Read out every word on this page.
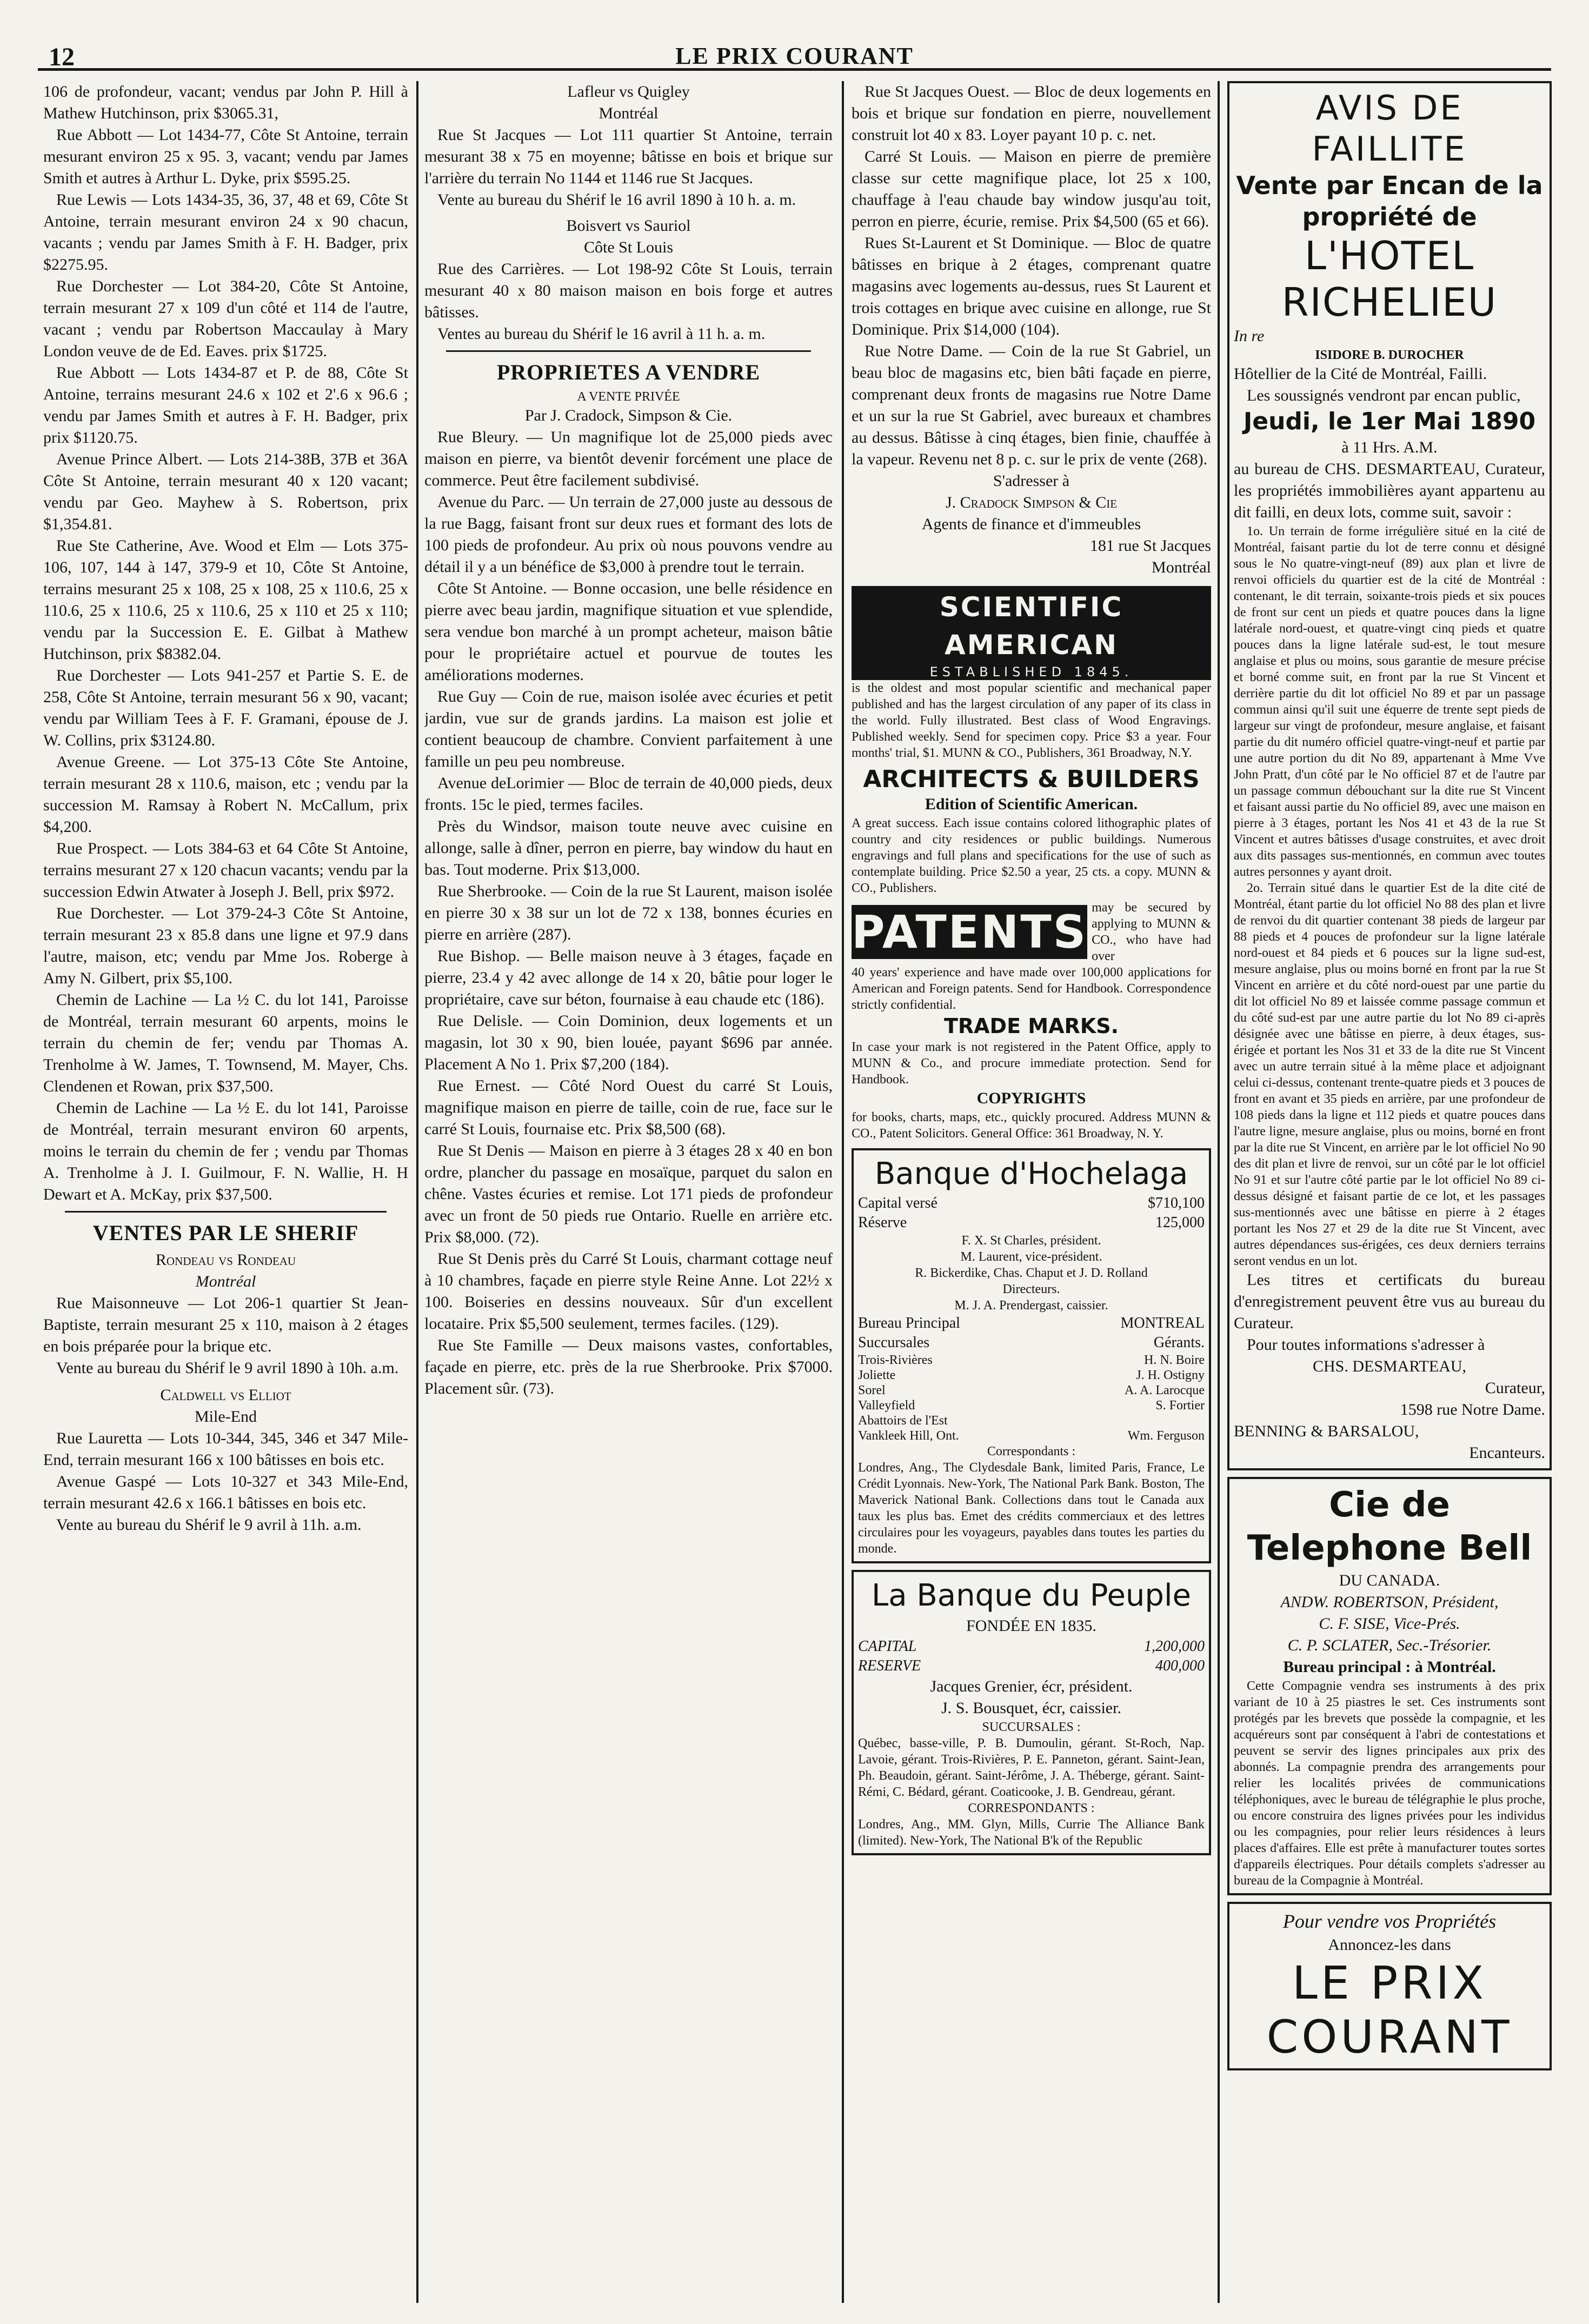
12	LE PRIX COURANT

106 de profondeur, vacant; vendus par John P. Hill à Mathew Hutchinson, prix $3065.31,

Rue Abbott — Lot 1434-77, Côte St Antoine, terrain mesurant environ 25 x 95. 3, vacant; vendu par James Smith et autres à Arthur L. Dyke, prix $595.25.

Rue Lewis — Lots 1434-35, 36, 37, 48 et 69, Côte St Antoine, terrain mesurant environ 24 x 90 chacun, vacants ; vendu par James Smith à F. H. Badger, prix $2275.95.

Rue Dorchester — Lot 384-20, Côte St Antoine, terrain mesurant 27 x 109 d'un côté et 114 de l'autre, vacant ; vendu par Robertson Maccaulay à Mary London veuve de de Ed. Eaves. prix $1725.

Rue Abbott — Lots 1434-87 et P. de 88, Côte St Antoine, terrains mesurant 24.6 x 102 et 2'.6 x 96.6 ; vendu par James Smith et autres à F. H. Badger, prix prix $1120.75.

Avenue Prince Albert. — Lots 214-38B, 37B et 36A Côte St Antoine, terrain mesurant 40 x 120 vacant; vendu par Geo. Mayhew à S. Robertson, prix $1,354.81.

Rue Ste Catherine, Ave. Wood et Elm — Lots 375-106, 107, 144 à 147, 379-9 et 10, Côte St Antoine, terrains mesurant 25 x 108, 25 x 108, 25 x 110.6, 25 x 110.6, 25 x 110.6, 25 x 110.6, 25 x 110 et 25 x 110; vendu par la Succession E. E. Gilbat à Mathew Hutchinson, prix $8382.04.

Rue Dorchester — Lots 941-257 et Partie S. E. de 258, Côte St Antoine, terrain mesurant 56 x 90, vacant; vendu par William Tees à F. F. Gramani, épouse de J. W. Collins, prix $3124.80.

Avenue Greene. — Lot 375-13 Côte Ste Antoine, terrain mesurant 28 x 110.6, maison, etc ; vendu par la succession M. Ramsay à Robert N. McCallum, prix $4,200.

Rue Prospect. — Lots 384-63 et 64 Côte St Antoine, terrains mesurant 27 x 120 chacun vacants; vendu par la succession Edwin Atwater à Joseph J. Bell, prix $972.

Rue Dorchester. — Lot 379-24-3 Côte St Antoine, terrain mesurant 23 x 85.8 dans une ligne et 97.9 dans l'autre, maison, etc; vendu par Mme Jos. Roberge à Amy N. Gilbert, prix $5,100.

Chemin de Lachine — La ½ C. du lot 141, Paroisse de Montréal, terrain mesurant 60 arpents, moins le terrain du chemin de fer; vendu par Thomas A. Trenholme à W. James, T. Townsend, M. Mayer, Chs. Clendenen et Rowan, prix $37,500.

Chemin de Lachine — La ½ E. du lot 141, Paroisse de Montréal, terrain mesurant environ 60 arpents, moins le terrain du chemin de fer ; vendu par Thomas A. Trenholme à J. I. Guilmour, F. N. Wallie, H. H Dewart et A. McKay, prix $37,500.

VENTES PAR LE SHERIF

Rondeau vs Rondeau

Montréal

Rue Maisonneuve — Lot 206-1 quartier St Jean-Baptiste, terrain mesurant 25 x 110, maison à 2 étages en bois préparée pour la brique etc.

Vente au bureau du Shérif le 9 avril 1890 à 10h. a.m.

Caldwell vs Elliot

Mile-End

Rue Lauretta — Lots 10-344, 345, 346 et 347 Mile-End, terrain mesurant 166 x 100 bâtisses en bois etc.

Avenue Gaspé — Lots 10-327 et 343 Mile-End, terrain mesurant 42.6 x 166.1 bâtisses en bois etc.

Vente au bureau du Shérif le 9 avril à 11h. a.m.

Lafleur vs Quigley

Montréal

Rue St Jacques — Lot 111 quartier St Antoine, terrain mesurant 38 x 75 en moyenne; bâtisse en bois et brique sur l'arrière du terrain No 1144 et 1146 rue St Jacques.

Vente au bureau du Shérif le 16 avril 1890 à 10 h. a. m.

Boisvert vs Sauriol

Côte St Louis

Rue des Carrières. — Lot 198-92 Côte St Louis, terrain mesurant 40 x 80 maison maison en bois forge et autres bâtisses.

Ventes au bureau du Shérif le 16 avril à 11 h. a. m.

PROPRIETES A VENDRE

A VENTE PRIVÉE

Par J. Cradock, Simpson & Cie.

Rue Bleury. — Un magnifique lot de 25,000 pieds avec maison en pierre, va bientôt devenir forcément une place de commerce. Peut être facilement subdivisé.

Avenue du Parc. — Un terrain de 27,000 juste au dessous de la rue Bagg, faisant front sur deux rues et formant des lots de 100 pieds de profondeur. Au prix où nous pouvons vendre au détail il y a un bénéfice de $3,000 à prendre tout le terrain.

Côte St Antoine. — Bonne occasion, une belle résidence en pierre avec beau jardin, magnifique situation et vue splendide, sera vendue bon marché à un prompt acheteur, maison bâtie pour le propriétaire actuel et pourvue de toutes les améliorations modernes.

Rue Guy — Coin de rue, maison isolée avec écuries et petit jardin, vue sur de grands jardins. La maison est jolie et contient beaucoup de chambre. Convient parfaitement à une famille un peu peu nombreuse.

Avenue deLorimier — Bloc de terrain de 40,000 pieds, deux fronts. 15c le pied, termes faciles.

Près du Windsor, maison toute neuve avec cuisine en allonge, salle à dîner, perron en pierre, bay window du haut en bas. Tout moderne. Prix $13,000.

Rue Sherbrooke. — Coin de la rue St Laurent, maison isolée en pierre 30 x 38 sur un lot de 72 x 138, bonnes écuries en pierre en arrière (287).

Rue Bishop. — Belle maison neuve à 3 étages, façade en pierre, 23.4 y 42 avec allonge de 14 x 20, bâtie pour loger le propriétaire, cave sur béton, fournaise à eau chaude etc (186).

Rue Delisle. — Coin Dominion, deux logements et un magasin, lot 30 x 90, bien louée, payant $696 par année. Placement A No 1. Prix $7,200 (184).

Rue Ernest. — Côté Nord Ouest du carré St Louis, magnifique maison en pierre de taille, coin de rue, face sur le carré St Louis, fournaise etc. Prix $8,500 (68).

Rue St Denis — Maison en pierre à 3 étages 28 x 40 en bon ordre, plancher du passage en mosaïque, parquet du salon en chêne. Vastes écuries et remise. Lot 171 pieds de profondeur avec un front de 50 pieds rue Ontario. Ruelle en arrière etc. Prix $8,000. (72).

Rue St Denis près du Carré St Louis, charmant cottage neuf à 10 chambres, façade en pierre style Reine Anne. Lot 22½ x 100. Boiseries en dessins nouveaux. Sûr d'un excellent locataire. Prix $5,500 seulement, termes faciles. (129).

Rue Ste Famille — Deux maisons vastes, confortables, façade en pierre, etc. près de la rue Sherbrooke. Prix $7000. Placement sûr. (73).

Rue St Jacques Ouest. — Bloc de deux logements en bois et brique sur fondation en pierre, nouvellement construit lot 40 x 83. Loyer payant 10 p. c. net.

Carré St Louis. — Maison en pierre de première classe sur cette magnifique place, lot 25 x 100, chauffage à l'eau chaude bay window jusqu'au toit, perron en pierre, écurie, remise. Prix $4,500 (65 et 66).

Rues St-Laurent et St Dominique. — Bloc de quatre bâtisses en brique à 2 étages, comprenant quatre magasins avec logements au-dessus, rues St Laurent et trois cottages en brique avec cuisine en allonge, rue St Dominique. Prix $14,000 (104).

Rue Notre Dame. — Coin de la rue St Gabriel, un beau bloc de magasins etc, bien bâti façade en pierre, comprenant deux fronts de magasins rue Notre Dame et un sur la rue St Gabriel, avec bureaux et chambres au dessus. Bâtisse à cinq étages, bien finie, chauffée à la vapeur. Revenu net 8 p. c. sur le prix de vente (268).

S'adresser à

J. Cradock Simpson & Cie

Agents de finance et d'immeubles

181 rue St Jacques

Montréal

SCIENTIFIC AMERICAN
ESTABLISHED 1845.

is the oldest and most popular scientific and mechanical paper published and has the largest circulation of any paper of its class in the world. Fully illustrated. Best class of Wood Engravings. Published weekly. Send for specimen copy. Price $3 a year. Four months' trial, $1. MUNN & CO., Publishers, 361 Broadway, N.Y.

ARCHITECTS & BUILDERS

Edition of Scientific American.

A great success. Each issue contains colored lithographic plates of country and city residences or public buildings. Numerous engravings and full plans and specifications for the use of such as contemplate building. Price $2.50 a year, 25 cts. a copy. MUNN & CO., Publishers.

PATENTS may be secured by applying to MUNN & CO., who have had over

40 years' experience and have made over 100,000 applications for American and Foreign patents. Send for Handbook. Correspondence strictly confidential.

TRADE MARKS.

In case your mark is not registered in the Patent Office, apply to MUNN & Co., and procure immediate protection. Send for Handbook.

COPYRIGHTS

for books, charts, maps, etc., quickly procured. Address MUNN & CO., Patent Solicitors. General Office: 361 Broadway, N. Y.

Banque d'Hochelaga
Capital versé	$710,100
Réserve	125,000

F. X. St Charles, président.

M. Laurent, vice-président.

R. Bickerdike, Chas. Chaput et J. D. Rolland

Directeurs.

M. J. A. Prendergast, caissier.

Bureau Principal	MONTREAL
Succursales	Gérants.
Trois-Rivières	H. N. Boire
Joliette	J. H. Ostigny
Sorel	A. A. Larocque
Valleyfield	S. Fortier
Abattoirs de l'Est
Vankleek Hill, Ont.	Wm. Ferguson

Correspondants :

Londres, Ang., The Clydesdale Bank, limited Paris, France, Le Crédit Lyonnais. New-York, The National Park Bank. Boston, The Maverick National Bank. Collections dans tout le Canada aux taux les plus bas. Emet des crédits commerciaux et des lettres circulaires pour les voyageurs, payables dans toutes les parties du monde.

La Banque du Peuple

FONDÉE EN 1835.

CAPITAL	1,200,000
RESERVE	400,000

Jacques Grenier, écr, président.

J. S. Bousquet, écr, caissier.

SUCCURSALES :

Québec, basse-ville, P. B. Dumoulin, gérant. St-Roch, Nap. Lavoie, gérant. Trois-Rivières, P. E. Panneton, gérant. Saint-Jean, Ph. Beaudoin, gérant. Saint-Jérôme, J. A. Théberge, gérant. Saint-Rémi, C. Bédard, gérant. Coaticooke, J. B. Gendreau, gérant.

CORRESPONDANTS :

Londres, Ang., MM. Glyn, Mills, Currie The Alliance Bank (limited). New-York, The National B'k of the Republic

AVIS DE FAILLITE
Vente par Encan de la propriété de
L'HOTEL RICHELIEU

In re

ISIDORE B. DUROCHER

Hôtellier de la Cité de Montréal, Failli.

Les soussignés vendront par encan public,

Jeudi, le 1er Mai 1890

à 11 Hrs. A.M.

au bureau de CHS. DESMARTEAU, Curateur, les propriétés immobilières ayant appartenu au dit failli, en deux lots, comme suit, savoir :

1o. Un terrain de forme irrégulière situé en la cité de Montréal, faisant partie du lot de terre connu et désigné sous le No quatre-vingt-neuf (89) aux plan et livre de renvoi officiels du quartier est de la cité de Montréal : contenant, le dit terrain, soixante-trois pieds et six pouces de front sur cent un pieds et quatre pouces dans la ligne latérale nord-ouest, et quatre-vingt cinq pieds et quatre pouces dans la ligne latérale sud-est, le tout mesure anglaise et plus ou moins, sous garantie de mesure précise et borné comme suit, en front par la rue St Vincent et derrière partie du dit lot officiel No 89 et par un passage commun ainsi qu'il suit une équerre de trente sept pieds de largeur sur vingt de profondeur, mesure anglaise, et faisant partie du dit numéro officiel quatre-vingt-neuf et partie par une autre portion du dit No 89, appartenant à Mme Vve John Pratt, d'un côté par le No officiel 87 et de l'autre par un passage commun débouchant sur la dite rue St Vincent et faisant aussi partie du No officiel 89, avec une maison en pierre à 3 étages, portant les Nos 41 et 43 de la rue St Vincent et autres bâtisses d'usage construites, et avec droit aux dits passages sus-mentionnés, en commun avec toutes autres personnes y ayant droit.

2o. Terrain situé dans le quartier Est de la dite cité de Montréal, étant partie du lot officiel No 88 des plan et livre de renvoi du dit quartier contenant 38 pieds de largeur par 88 pieds et 4 pouces de profondeur sur la ligne latérale nord-ouest et 84 pieds et 6 pouces sur la ligne sud-est, mesure anglaise, plus ou moins borné en front par la rue St Vincent en arrière et du côté nord-ouest par une partie du dit lot officiel No 89 et laissée comme passage commun et du côté sud-est par une autre partie du lot No 89 ci-après désignée avec une bâtisse en pierre, à deux étages, sus-érigée et portant les Nos 31 et 33 de la dite rue St Vincent avec un autre terrain situé à la même place et adjoignant celui ci-dessus, contenant trente-quatre pieds et 3 pouces de front en avant et 35 pieds en arrière, par une profondeur de 108 pieds dans la ligne et 112 pieds et quatre pouces dans l'autre ligne, mesure anglaise, plus ou moins, borné en front par la dite rue St Vincent, en arrière par le lot officiel No 90 des dit plan et livre de renvoi, sur un côté par le lot officiel No 91 et sur l'autre côté partie par le lot officiel No 89 ci-dessus désigné et faisant partie de ce lot, et les passages sus-mentionnés avec une bâtisse en pierre à 2 étages portant les Nos 27 et 29 de la dite rue St Vincent, avec autres dépendances sus-érigées, ces deux derniers terrains seront vendus en un lot.

Les titres et certificats du bureau d'enregistrement peuvent être vus au bureau du Curateur.

Pour toutes informations s'adresser à

CHS. DESMARTEAU,

Curateur,

1598 rue Notre Dame.

BENNING & BARSALOU,

Encanteurs.

Cie de Telephone Bell

DU CANADA.

ANDW. ROBERTSON, Président,

C. F. SISE, Vice-Prés.

C. P. SCLATER, Sec.-Trésorier.

Bureau principal : à Montréal.

Cette Compagnie vendra ses instruments à des prix variant de 10 à 25 piastres le set. Ces instruments sont protégés par les brevets que possède la compagnie, et les acquéreurs sont par conséquent à l'abri de contestations et peuvent se servir des lignes principales aux prix des abonnés. La compagnie prendra des arrangements pour relier les localités privées de communications téléphoniques, avec le bureau de télégraphie le plus proche, ou encore construira des lignes privées pour les individus ou les compagnies, pour relier leurs résidences à leurs places d'affaires. Elle est prête à manufacturer toutes sortes d'appareils électriques. Pour détails complets s'adresser au bureau de la Compagnie à Montréal.

Pour vendre vos Propriétés

Annoncez-les dans

LE PRIX COURANT
